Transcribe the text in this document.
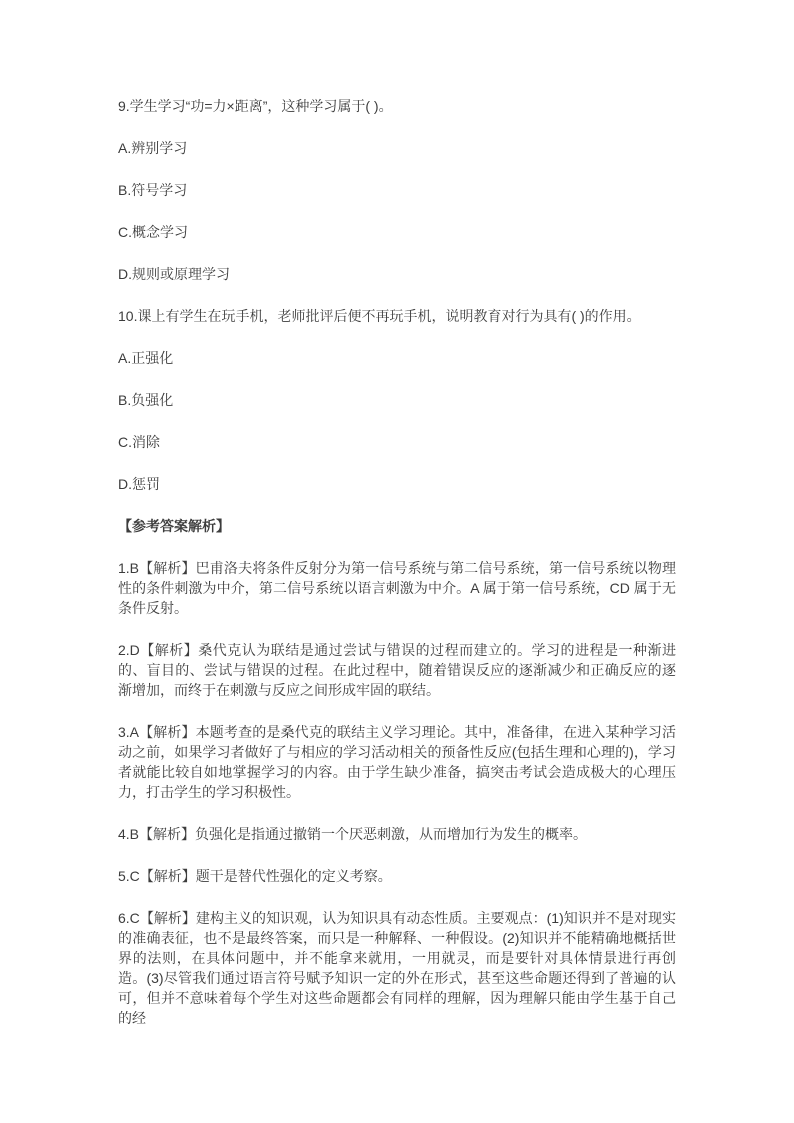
9.学生学习“功=力×距离”，这种学习属于( )。

A.辨别学习

B.符号学习

C.概念学习

D.规则或原理学习

10.课上有学生在玩手机，老师批评后便不再玩手机，说明教育对行为具有( )的作用。

A.正强化

B.负强化

C.消除

D.惩罚

【参考答案解析】

1.B【解析】巴甫洛夫将条件反射分为第一信号系统与第二信号系统，第一信号系统以物理性的条件刺激为中介，第二信号系统以语言刺激为中介。A 属于第一信号系统，CD 属于无条件反射。

2.D【解析】桑代克认为联结是通过尝试与错误的过程而建立的。学习的进程是一种渐进的、盲目的、尝试与错误的过程。在此过程中，随着错误反应的逐渐减少和正确反应的逐渐增加，而终于在刺激与反应之间形成牢固的联结。

3.A【解析】本题考查的是桑代克的联结主义学习理论。其中，准备律，在进入某种学习活动之前，如果学习者做好了与相应的学习活动相关的预备性反应(包括生理和心理的)，学习者就能比较自如地掌握学习的内容。由于学生缺少准备，搞突击考试会造成极大的心理压力，打击学生的学习积极性。

4.B【解析】负强化是指通过撤销一个厌恶刺激，从而增加行为发生的概率。

5.C【解析】题干是替代性强化的定义考察。

6.C【解析】建构主义的知识观，认为知识具有动态性质。主要观点：(1)知识并不是对现实的准确表征，也不是最终答案，而只是一种解释、一种假设。(2)知识并不能精确地概括世界的法则，在具体问题中，并不能拿来就用，一用就灵，而是要针对具体情景进行再创造。(3)尽管我们通过语言符号赋予知识一定的外在形式，甚至这些命题还得到了普遍的认可，但并不意味着每个学生对这些命题都会有同样的理解，因为理解只能由学生基于自己的经
